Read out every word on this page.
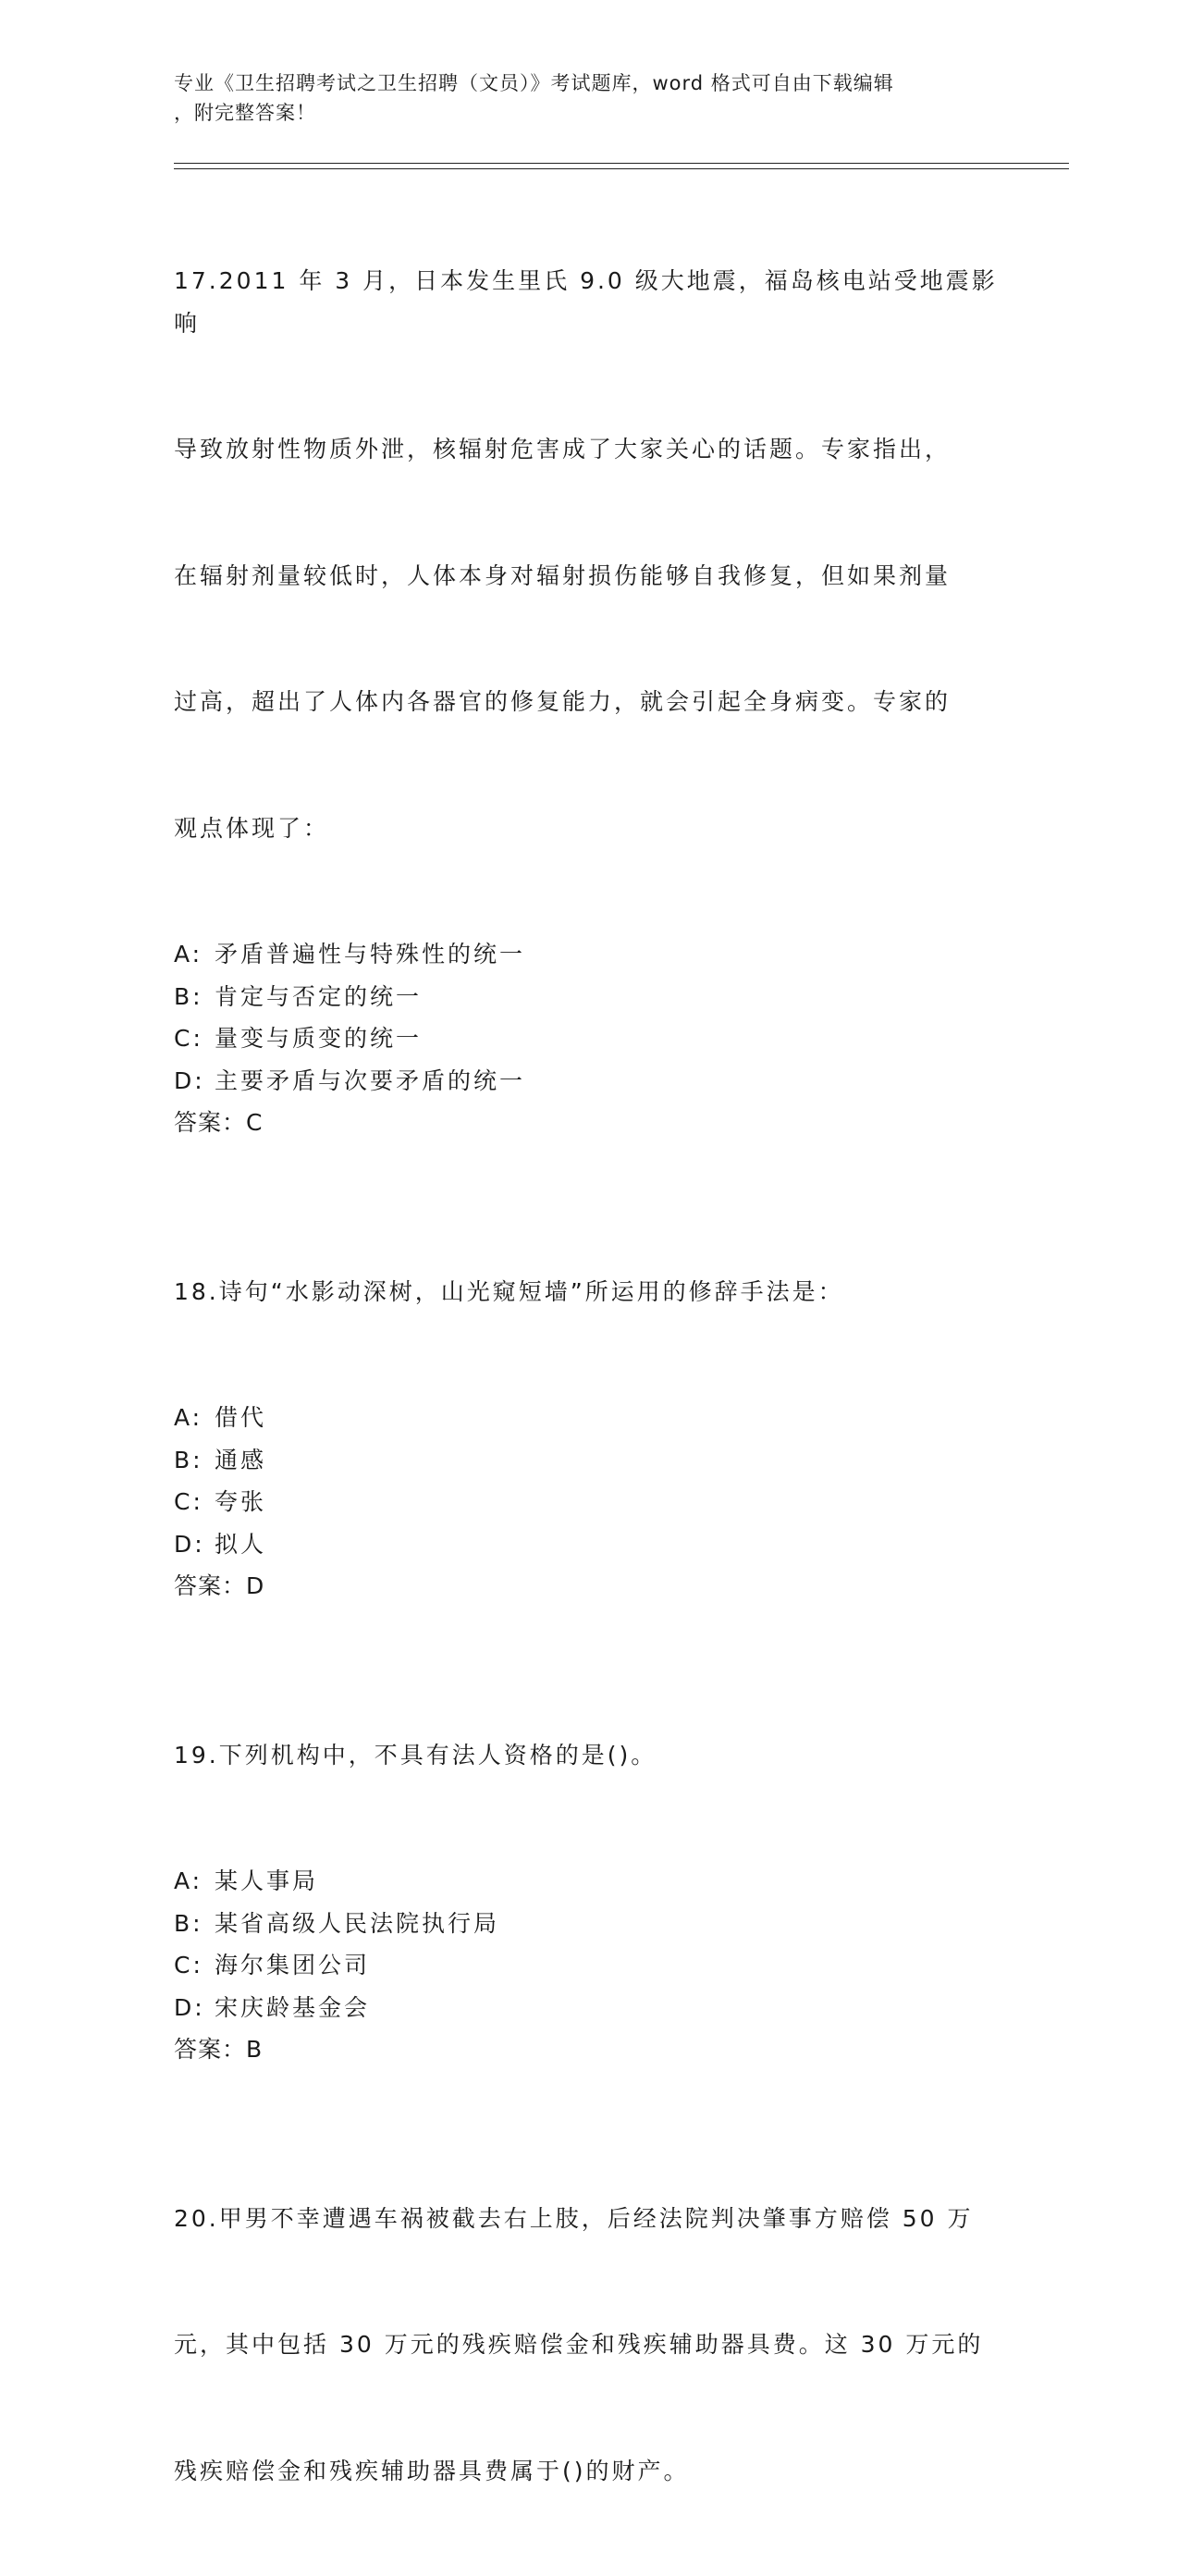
专业《卫生招聘考试之卫生招聘（文员）》考试题库，word 格式可自由下载编辑
，附完整答案！

17.2011 年 3 月，日本发生里氏 9.0 级大地震，福岛核电站受地震影响

导致放射性物质外泄，核辐射危害成了大家关心的话题。专家指出，

在辐射剂量较低时，人体本身对辐射损伤能够自我修复，但如果剂量

过高，超出了人体内各器官的修复能力，就会引起全身病变。专家的

观点体现了：

A: 矛盾普遍性与特殊性的统一
B: 肯定与否定的统一
C: 量变与质变的统一
D: 主要矛盾与次要矛盾的统一
答案：C

18.诗句“水影动深树，山光窥短墙”所运用的修辞手法是：

A: 借代
B: 通感
C: 夸张
D: 拟人
答案：D

19.下列机构中，不具有法人资格的是()。

A: 某人事局
B: 某省高级人民法院执行局
C: 海尔集团公司
D: 宋庆龄基金会
答案：B

20.甲男不幸遭遇车祸被截去右上肢，后经法院判决肇事方赔偿 50 万

元，其中包括 30 万元的残疾赔偿金和残疾辅助器具费。这 30 万元的

残疾赔偿金和残疾辅助器具费属于()的财产。
